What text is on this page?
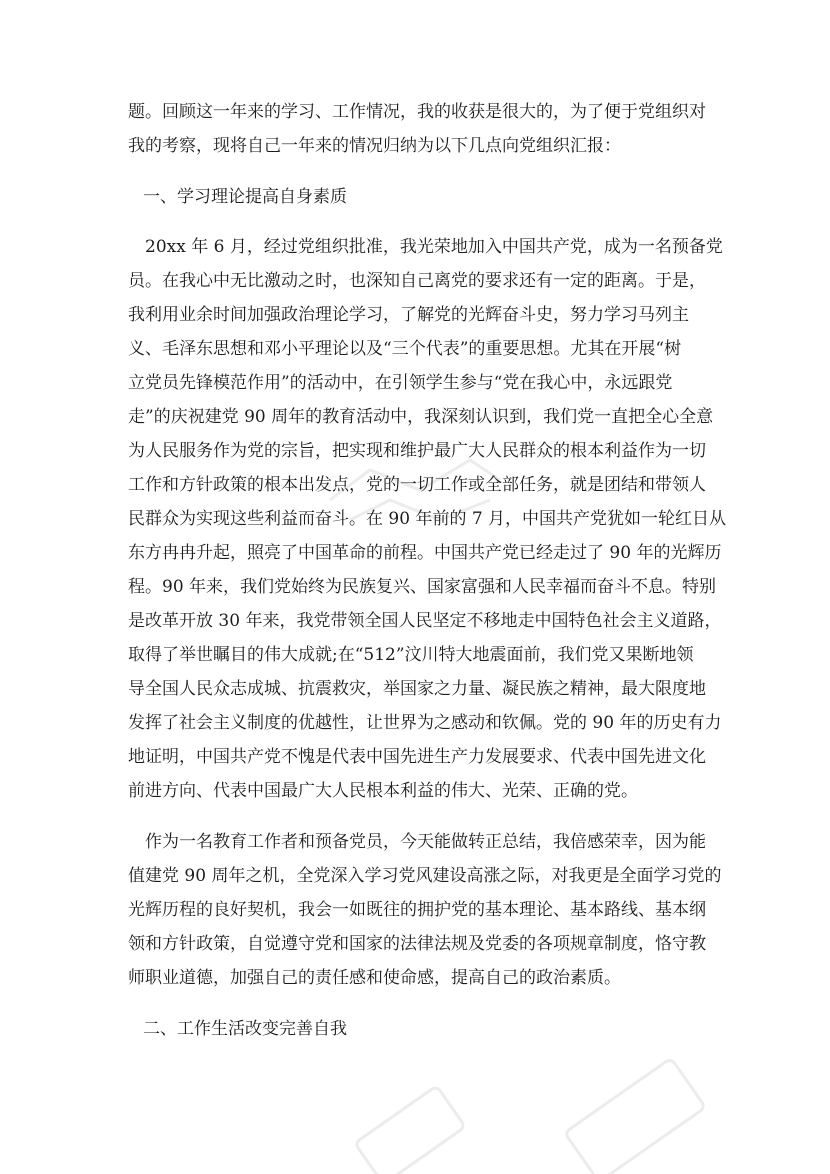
题。回顾这一年来的学习、工作情况，我的收获是很大的，为了便于党组织对
我的考察，现将自己一年来的情况归纳为以下几点向党组织汇报：
一、学习理论提高自身素质
20xx 年 6 月，经过党组织批准，我光荣地加入中国共产党，成为一名预备党
员。在我心中无比激动之时，也深知自己离党的要求还有一定的距离。于是，
我利用业余时间加强政治理论学习，了解党的光辉奋斗史，努力学习马列主
义、毛泽东思想和邓小平理论以及“三个代表”的重要思想。尤其在开展“树
立党员先锋模范作用”的活动中，在引领学生参与“党在我心中，永远跟党
走”的庆祝建党 90 周年的教育活动中，我深刻认识到，我们党一直把全心全意
为人民服务作为党的宗旨，把实现和维护最广大人民群众的根本利益作为一切
工作和方针政策的根本出发点，党的一切工作或全部任务，就是团结和带领人
民群众为实现这些利益而奋斗。在 90 年前的 7 月，中国共产党犹如一轮红日从
东方冉冉升起，照亮了中国革命的前程。中国共产党已经走过了 90 年的光辉历
程。90 年来，我们党始终为民族复兴、国家富强和人民幸福而奋斗不息。特别
是改革开放 30 年来，我党带领全国人民坚定不移地走中国特色社会主义道路，
取得了举世瞩目的伟大成就;在“512”汶川特大地震面前，我们党又果断地领
导全国人民众志成城、抗震救灾，举国家之力量、凝民族之精神，最大限度地
发挥了社会主义制度的优越性，让世界为之感动和钦佩。党的 90 年的历史有力
地证明，中国共产党不愧是代表中国先进生产力发展要求、代表中国先进文化
前进方向、代表中国最广大人民根本利益的伟大、光荣、正确的党。
作为一名教育工作者和预备党员，今天能做转正总结，我倍感荣幸，因为能
值建党 90 周年之机，全党深入学习党风建设高涨之际，对我更是全面学习党的
光辉历程的良好契机，我会一如既往的拥护党的基本理论、基本路线、基本纲
领和方针政策，自觉遵守党和国家的法律法规及党委的各项规章制度，恪守教
师职业道德，加强自己的责任感和使命感，提高自己的政治素质。
二、工作生活改变完善自我
